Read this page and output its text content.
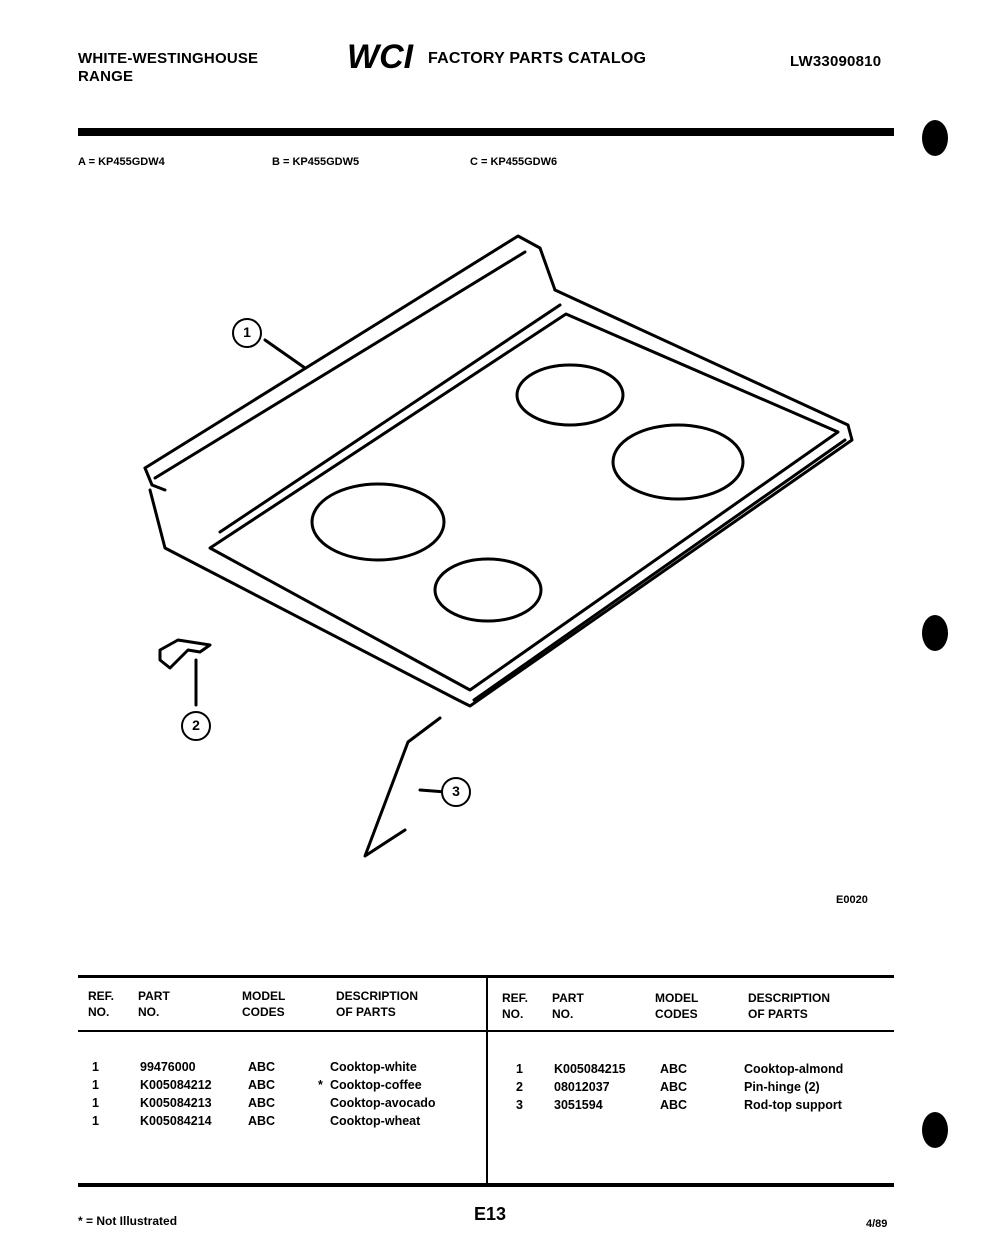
WHITE-WESTINGHOUSE
RANGE
WCI FACTORY PARTS CATALOG	LW33090810
A = KP455GDW4	B = KP455GDW5	C = KP455GDW6
1
2
3
E0020
REF.
NO.
PART
NO.
MODEL
CODES
DESCRIPTION
OF PARTS
REF.
NO.
PART
NO.
MODEL
CODES
DESCRIPTION
OF PARTS
1	99476000	ABC	Cooktop-white
1	K005084212	ABC	* Cooktop-coffee
1	K005084213	ABC	Cooktop-avocado
1	K005084214	ABC	Cooktop-wheat
1 K005084215	ABC	Cooktop-almond
2 08012037	ABC	Pin-hinge (2)
3 3051594	ABC	Rod-top support
* = Not Illustrated	E13	4/89
